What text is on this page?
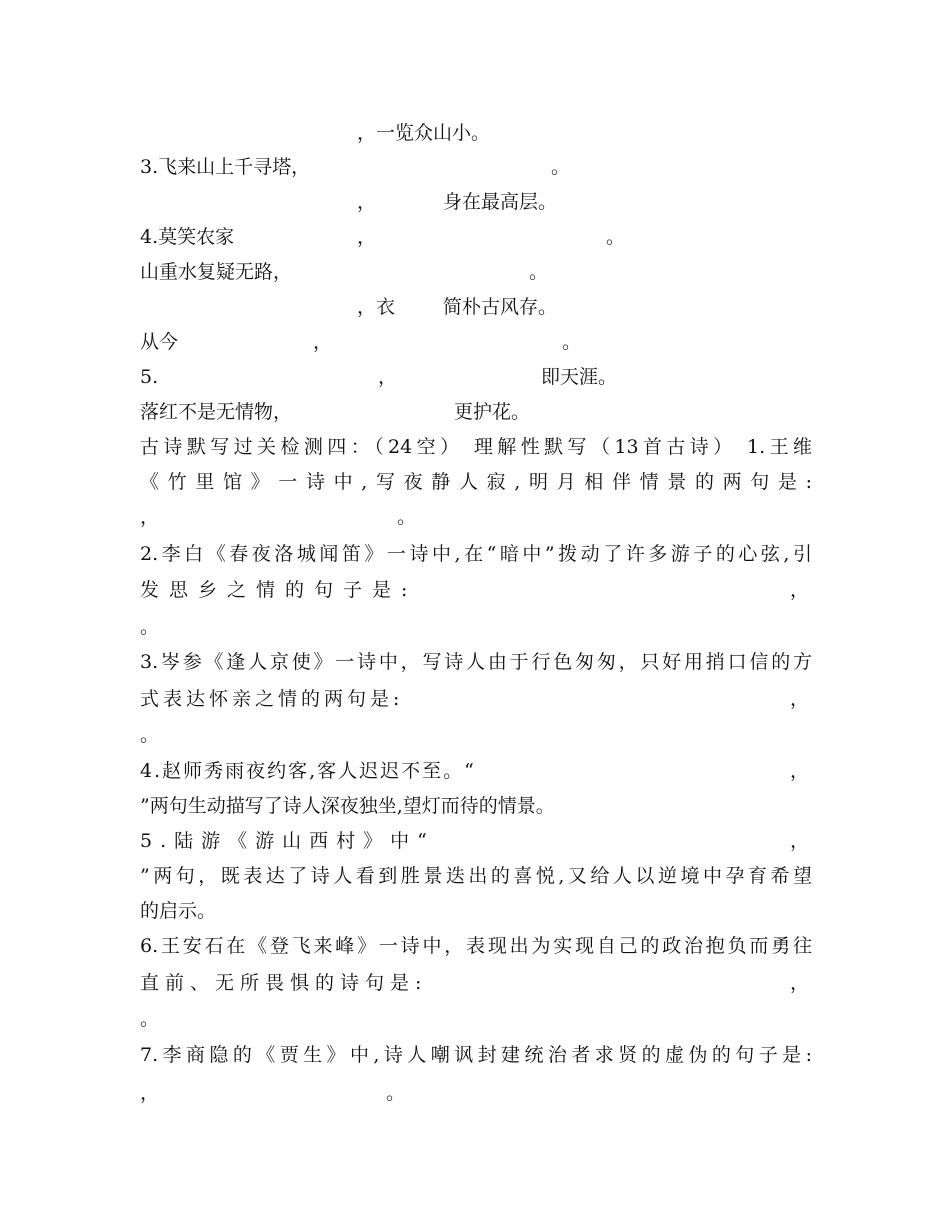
，一览众山小。

3.飞来山上千寻塔，

	。

，

	身在最高层。

4.莫笑农家

	，

	。

山重水复疑无路，

	。

，衣

	简朴古风存。

从今

	，

	。

5.

	，

	即天涯。

落红不是无情物，

	更护花。

古诗默写过关检测四：（24空） 理解性默写（13首古诗） 1.王维

《竹里馆》一诗中,写夜静人寂,明月相伴情景的两句是:

，

	。

2.李白《春夜洛城闻笛》一诗中,在“暗中”拨动了许多游子的心弦,引

发思乡之情的句子是:

	，

。

3.岑参《逢人京使》一诗中，写诗人由于行色匆匆，只好用捎口信的方

式表达怀亲之情的两句是:

	，

。

4.赵师秀雨夜约客,客人迟迟不至。“

	，

”两句生动描写了诗人深夜独坐,望灯而待的情景。

5.陆游《游山西村》中“

	，

”两句，既表达了诗人看到胜景迭出的喜悦,又给人以逆境中孕育希望

的启示。

6.王安石在《登飞来峰》一诗中，表现出为实现自己的政治抱负而勇往

直前、无所畏惧的诗句是:

	，

。

7.李商隐的《贾生》中,诗人嘲讽封建统治者求贤的虚伪的句子是:

，

	。
